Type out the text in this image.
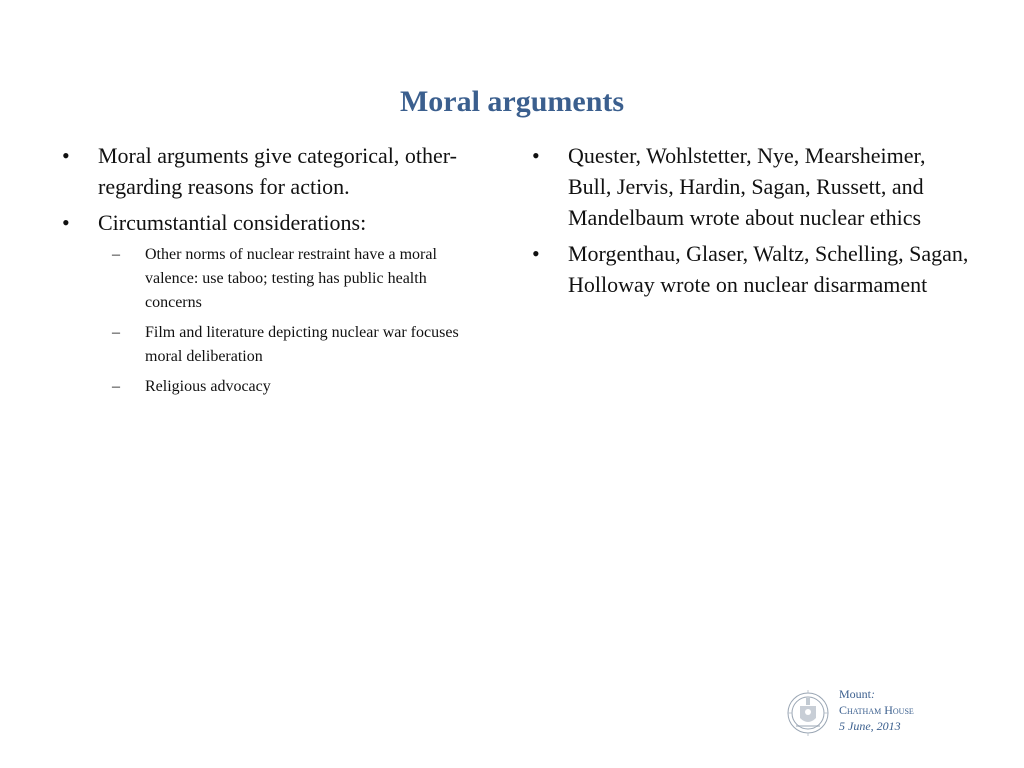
Moral arguments
•	Moral arguments give categorical, other-regarding reasons for action.
•	Circumstantial considerations:
–	Other norms of nuclear restraint have a moral valence: use taboo; testing has public health concerns
–	Film and literature depicting nuclear war focuses moral deliberation
–	Religious advocacy
•	Quester, Wohlstetter, Nye, Mearsheimer, Bull, Jervis, Hardin, Sagan, Russett, and Mandelbaum wrote about nuclear ethics
•	Morgenthau, Glaser, Waltz, Schelling, Sagan, Holloway wrote on nuclear disarmament
Mount:
Chatham House
5 June, 2013
